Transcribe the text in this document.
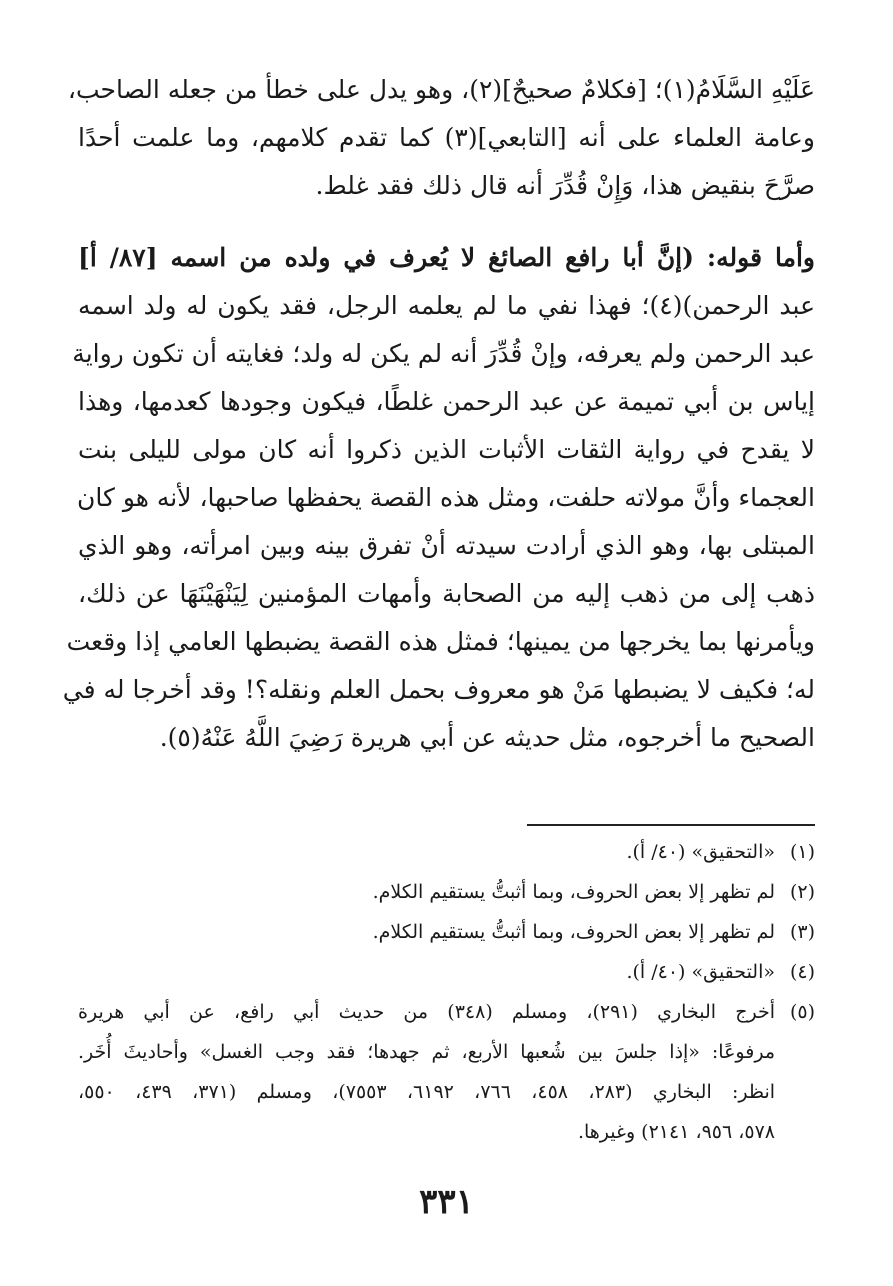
عَلَيْهِ السَّلَامُ(١)؛ [فكلامٌ صحيحٌ](٢)، وهو يدل على خطأ من جعله الصاحب،
وعامة العلماء على أنه [التابعي](٣) كما تقدم كلامهم، وما علمت أحدًا
صرَّحَ بنقيض هذا، وَإِنْ قُدِّرَ أنه قال ذلك فقد غلط.
وأما قوله: (إنَّ أبا رافع الصائغ لا يُعرف في ولده من اسمه [٨٧/ أ]
عبد الرحمن)(٤)؛ فهذا نفي ما لم يعلمه الرجل، فقد يكون له ولد اسمه
عبد الرحمن ولم يعرفه، وإنْ قُدِّرَ أنه لم يكن له ولد؛ فغايته أن تكون رواية
إياس بن أبي تميمة عن عبد الرحمن غلطًا، فيكون وجودها كعدمها، وهذا
لا يقدح في رواية الثقات الأثبات الذين ذكروا أنه كان مولى لليلى بنت
العجماء وأنَّ مولاته حلفت، ومثل هذه القصة يحفظها صاحبها، لأنه هو كان
المبتلى بها، وهو الذي أرادت سيدته أنْ تفرق بينه وبين امرأته، وهو الذي
ذهب إلى من ذهب إليه من الصحابة وأمهات المؤمنين لِيَنْهَيْنَهَا عن ذلك،
ويأمرنها بما يخرجها من يمينها؛ فمثل هذه القصة يضبطها العامي إذا وقعت
له؛ فكيف لا يضبطها مَنْ هو معروف بحمل العلم ونقله؟! وقد أخرجا له في
الصحيح ما أخرجوه، مثل حديثه عن أبي هريرة رَضِيَ اللَّهُ عَنْهُ(٥).
(١)«التحقيق» (٤٠/ أ).
(٢)لم تظهر إلا بعض الحروف، وبما أثبتُّ يستقيم الكلام.
(٣)لم تظهر إلا بعض الحروف، وبما أثبتُّ يستقيم الكلام.
(٤)«التحقيق» (٤٠/ أ).
(٥)أخرج البخاري (٢٩١)، ومسلم (٣٤٨) من حديث أبي رافع، عن أبي هريرة
مرفوعًا: «إذا جلسَ بين شُعبها الأربع، ثم جهدها؛ فقد وجب الغسل» وأحاديثَ أُخَر.
انظر: البخاري (٢٨٣، ٤٥٨، ٧٦٦، ٦١٩٢، ٧٥٥٣)، ومسلم (٣٧١، ٤٣٩، ٥٥٠،
٥٧٨، ٩٥٦، ٢١٤١) وغيرها.
٣٣١
